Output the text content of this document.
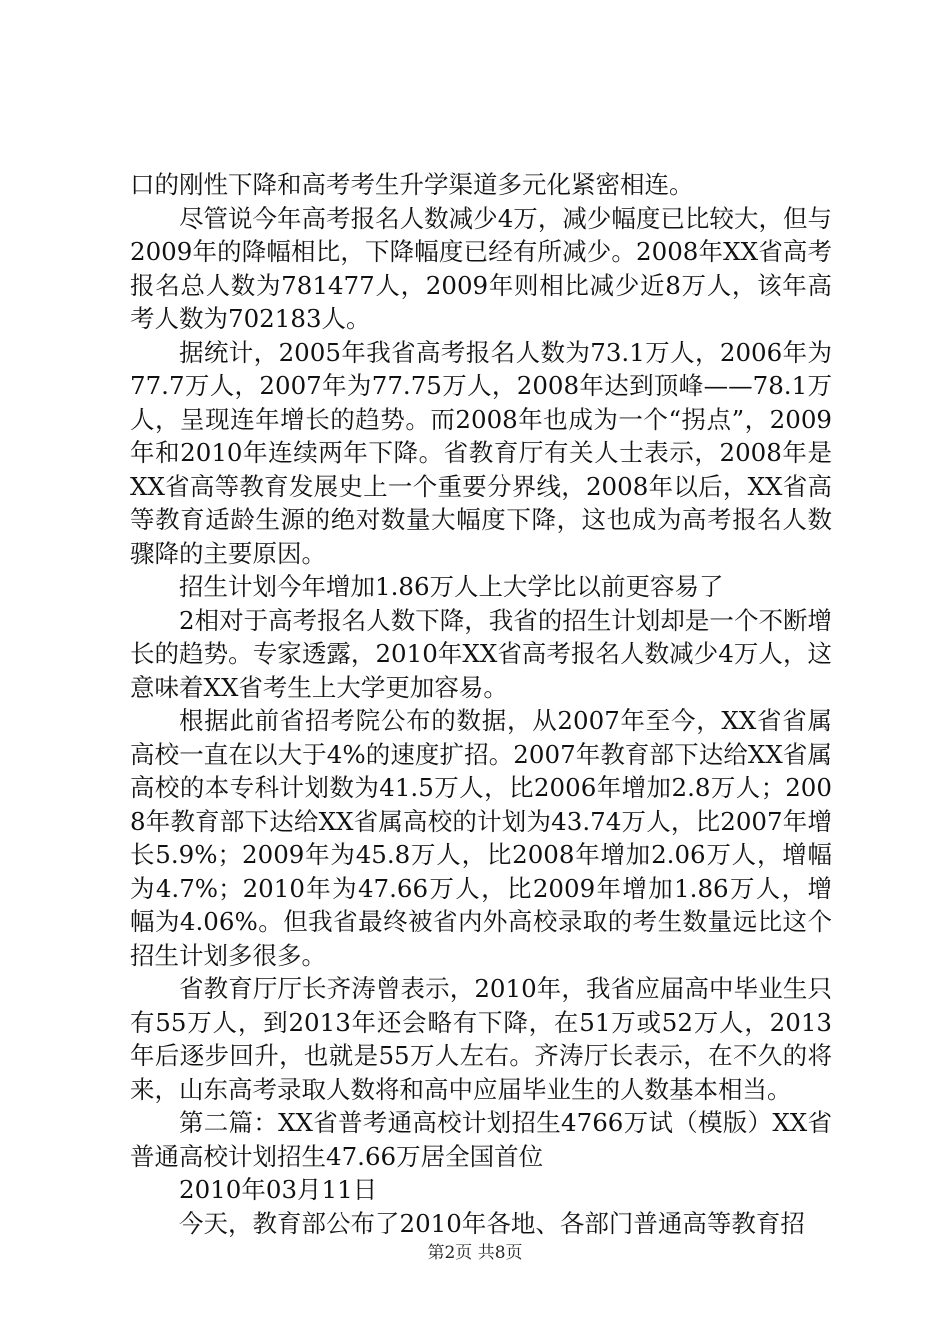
口的刚性下降和高考考生升学渠道多元化紧密相连。

尽管说今年高考报名人数减少4万，减少幅度已比较大，但与2009年的降幅相比，下降幅度已经有所减少。2008年XX省高考报名总人数为781477人，2009年则相比减少近8万人，该年高考人数为702183人。

据统计，2005年我省高考报名人数为73.1万人，2006年为77.7万人，2007年为77.75万人，2008年达到顶峰——78.1万人，呈现连年增长的趋势。而2008年也成为一个“拐点”，2009年和2010年连续两年下降。省教育厅有关人士表示，2008年是XX省高等教育发展史上一个重要分界线，2008年以后，XX省高等教育适龄生源的绝对数量大幅度下降，这也成为高考报名人数骤降的主要原因。

招生计划今年增加1.86万人上大学比以前更容易了

2相对于高考报名人数下降，我省的招生计划却是一个不断增长的趋势。专家透露，2010年XX省高考报名人数减少4万人，这意味着XX省考生上大学更加容易。

根据此前省招考院公布的数据，从2007年至今，XX省省属高校一直在以大于4%的速度扩招。2007年教育部下达给XX省属高校的本专科计划数为41.5万人，比2006年增加2.8万人；2008年教育部下达给XX省属高校的计划为43.74万人，比2007年增长5.9%；2009年为45.8万人，比2008年增加2.06万人，增幅为4.7%；2010年为47.66万人，比2009年增加1.86万人，增幅为4.06%。但我省最终被省内外高校录取的考生数量远比这个招生计划多很多。

省教育厅厅长齐涛曾表示，2010年，我省应届高中毕业生只有55万人，到2013年还会略有下降，在51万或52万人，2013年后逐步回升，也就是55万人左右。齐涛厅长表示，在不久的将来，山东高考录取人数将和高中应届毕业生的人数基本相当。

第二篇：XX省普考通高校计划招生4766万试（模版）XX省普通高校计划招生47.66万居全国首位

2010年03月11日

今天，教育部公布了2010年各地、各部门普通高等教育招

第2页 共8页
